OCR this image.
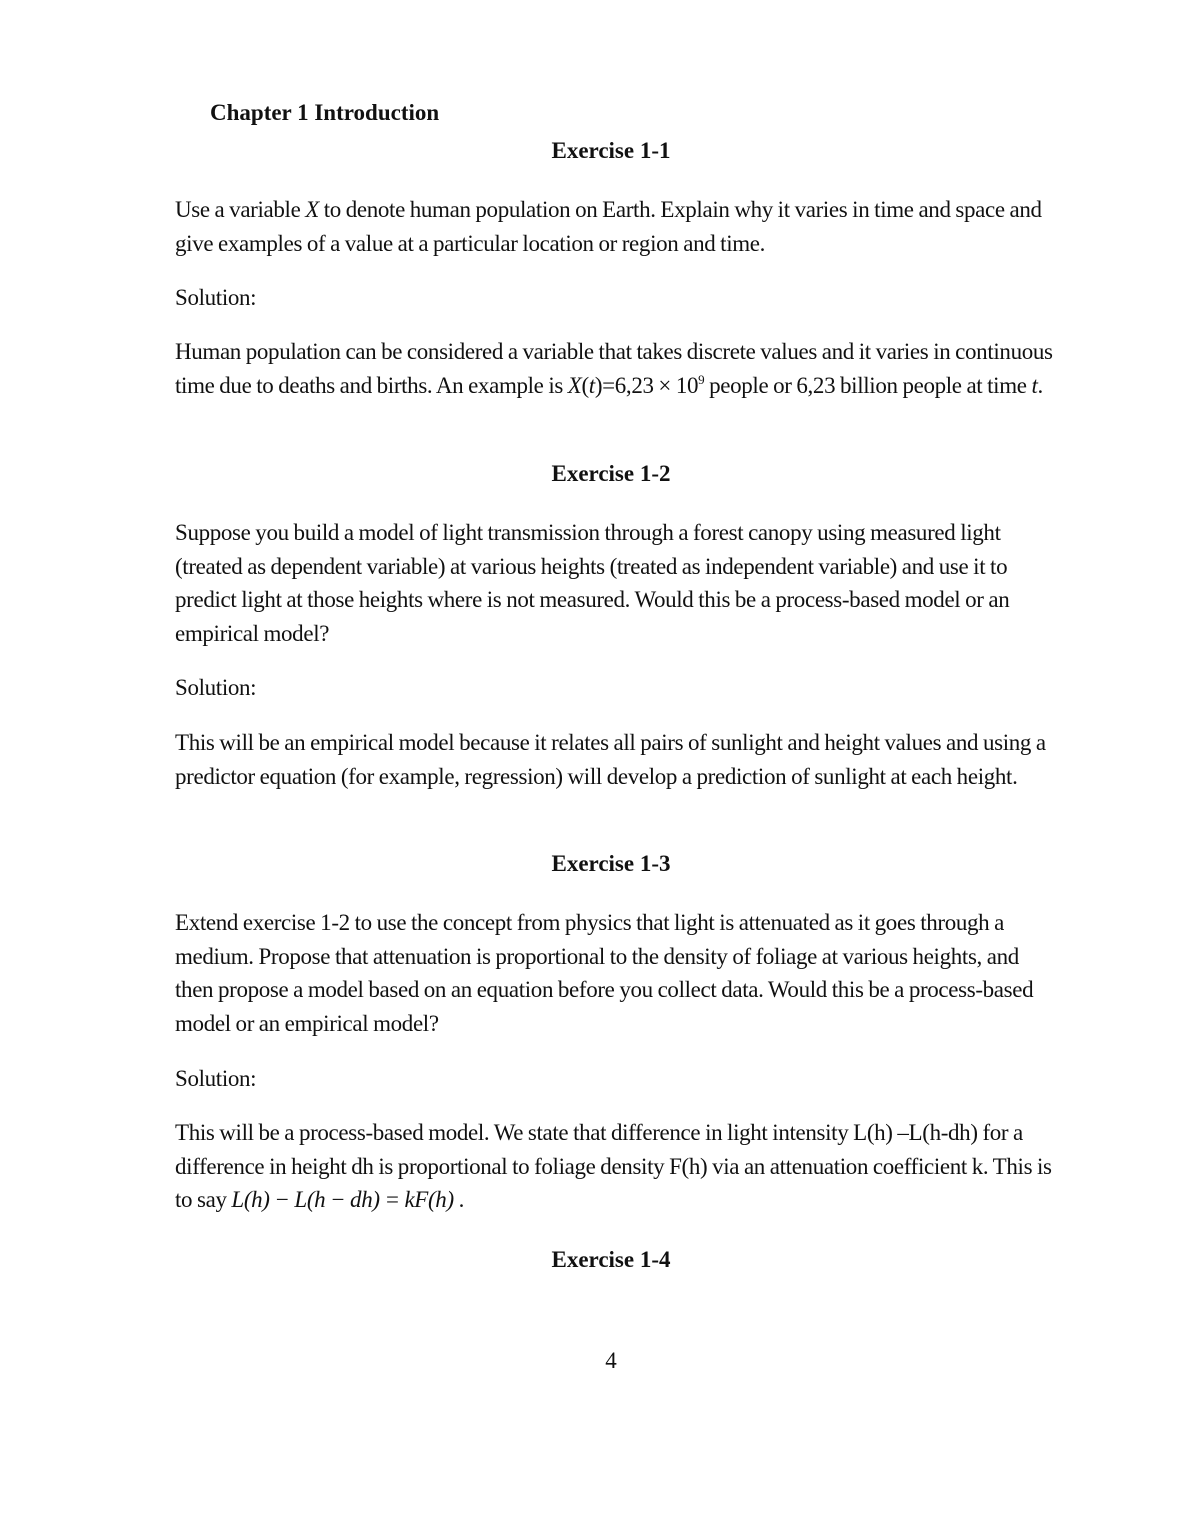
Chapter 1 Introduction
Exercise 1-1

Use a variable X to denote human population on Earth. Explain why it varies in time and space and give examples of a value at a particular location or region and time.

Solution:

Human population can be considered a variable that takes discrete values and it varies in continuous time due to deaths and births. An example is $X(t)=6,23 \times 10^9$ people or 6,23 billion people at time t.

Exercise 1-2

Suppose you build a model of light transmission through a forest canopy using measured light (treated as dependent variable) at various heights (treated as independent variable) and use it to predict light at those heights where is not measured. Would this be a process-based model or an empirical model?

Solution:

This will be an empirical model because it relates all pairs of sunlight and height values and using a predictor equation (for example, regression) will develop a prediction of sunlight at each height.

Exercise 1-3

Extend exercise 1-2 to use the concept from physics that light is attenuated as it goes through a medium. Propose that attenuation is proportional to the density of foliage at various heights, and then propose a model based on an equation before you collect data. Would this be a process-based model or an empirical model?

Solution:

This will be a process-based model. We state that difference in light intensity L(h) –L(h-dh) for a difference in height dh is proportional to foliage density F(h) via an attenuation coefficient k. This is to say L(h) − L(h − dh) = kF(h) .

Exercise 1-4

4
